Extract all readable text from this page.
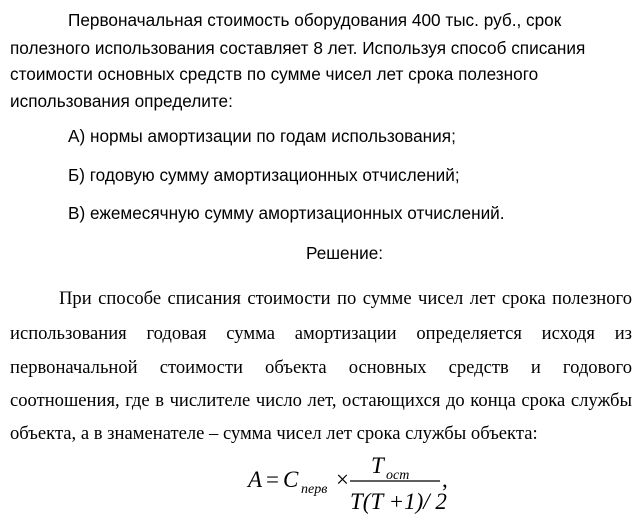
Первоначальная стоимость оборудования 400 тыс. руб., срок
полезного использования составляет 8 лет. Используя способ списания
стоимости основных средств по сумме чисел лет срока полезного
использования определите:
А) нормы амортизации по годам использования;
Б) годовую сумму амортизационных отчислений;
В) ежемесячную сумму амортизационных отчислений.
Решение:
При способе списания стоимости по сумме чисел лет срока полезного
использования годовая сумма амортизации определяется исходя из
первоначальной стоимости объекта основных средств и годового
соотношения, где в числителе число лет, остающихся до конца срока службы
объекта, а в знаменателе – сумма чисел лет срока службы объекта:
A = C перв ×
T ост
T(T +1)/ 2
,
